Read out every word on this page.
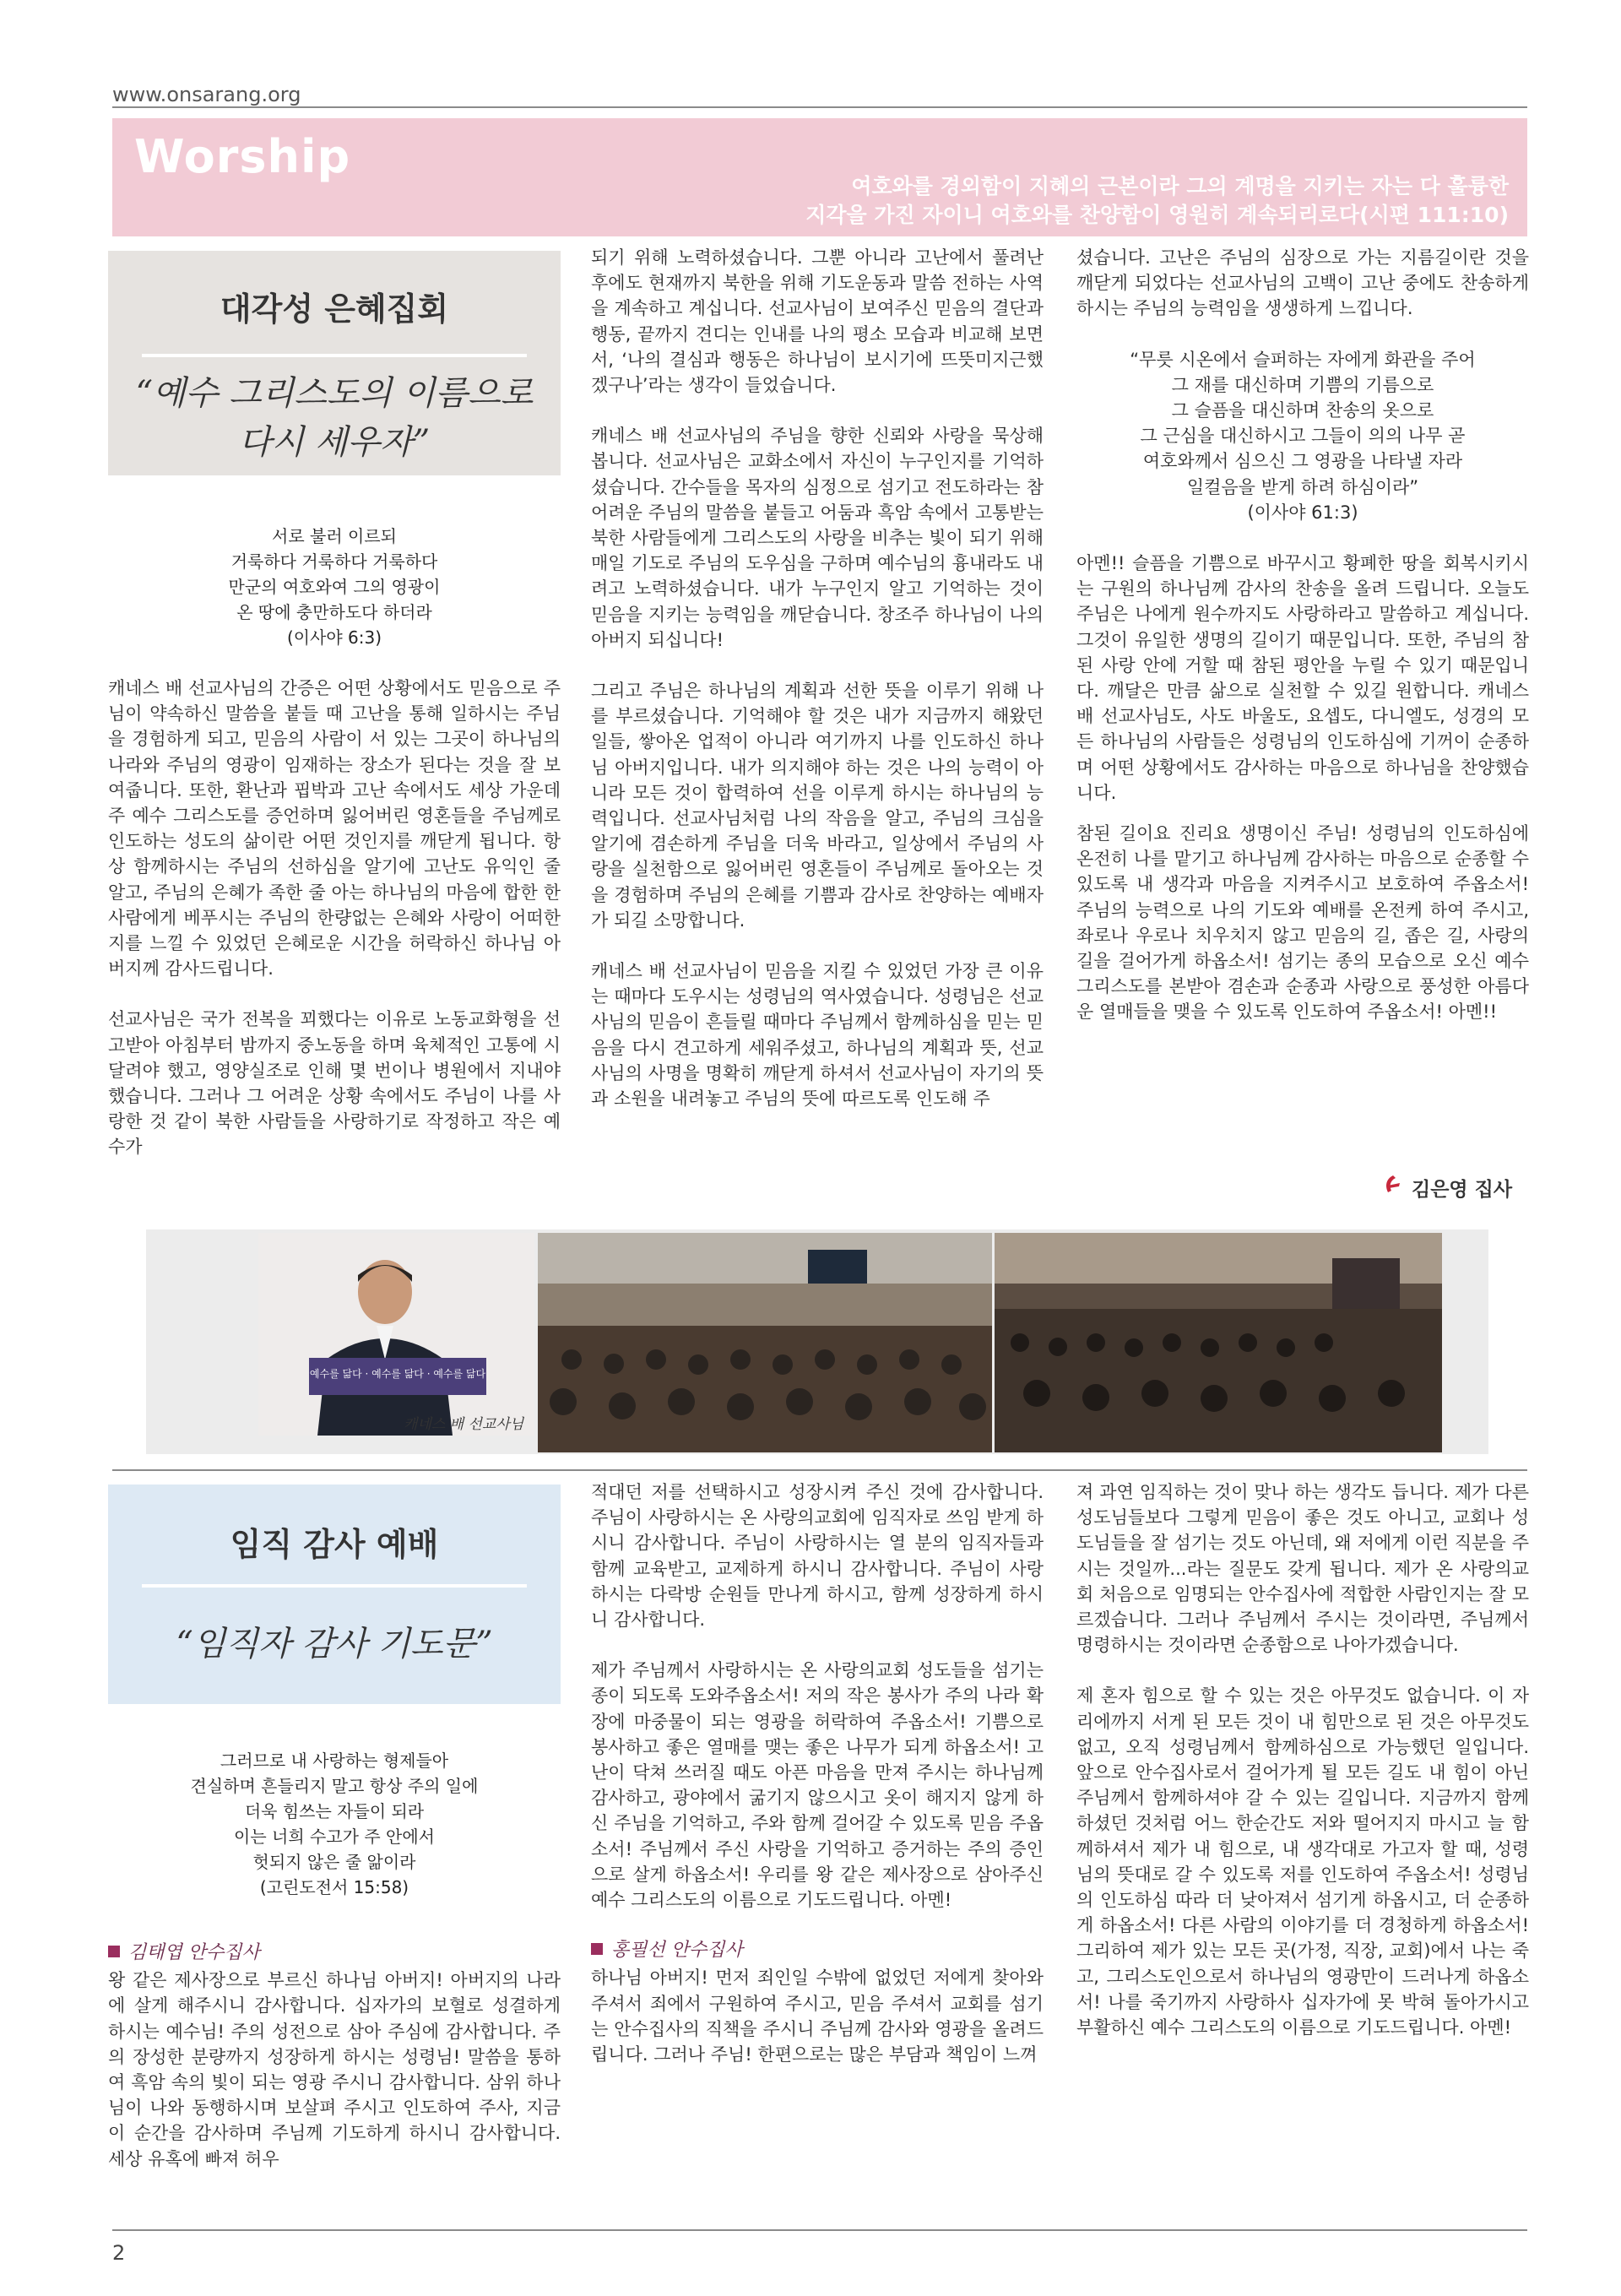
www.onsarang.org
Worship
여호와를 경외함이 지혜의 근본이라 그의 계명을 지키는 자는 다 훌륭한
지각을 가진 자이니 여호와를 찬양함이 영원히 계속되리로다(시편 111:10)
대각성 은혜집회
“예수 그리스도의 이름으로
다시 세우자”
서로 불러 이르되
거룩하다 거룩하다 거룩하다
만군의 여호와여 그의 영광이
온 땅에 충만하도다 하더라
(이사야 6:3)

캐네스 배 선교사님의 간증은 어떤 상황에서도 믿음으로 주님이 약속하신 말씀을 붙들 때 고난을 통해 일하시는 주님을 경험하게 되고, 믿음의 사람이 서 있는 그곳이 하나님의 나라와 주님의 영광이 임재하는 장소가 된다는 것을 잘 보여줍니다. 또한, 환난과 핍박과 고난 속에서도 세상 가운데 주 예수 그리스도를 증언하며 잃어버린 영혼들을 주님께로 인도하는 성도의 삶이란 어떤 것인지를 깨닫게 됩니다. 항상 함께하시는 주님의 선하심을 알기에 고난도 유익인 줄 알고, 주님의 은혜가 족한 줄 아는 하나님의 마음에 합한 한 사람에게 베푸시는 주님의 한량없는 은혜와 사랑이 어떠한지를 느낄 수 있었던 은혜로운 시간을 허락하신 하나님 아버지께 감사드립니다.

선교사님은 국가 전복을 꾀했다는 이유로 노동교화형을 선고받아 아침부터 밤까지 중노동을 하며 육체적인 고통에 시달려야 했고, 영양실조로 인해 몇 번이나 병원에서 지내야 했습니다. 그러나 그 어려운 상황 속에서도 주님이 나를 사랑한 것 같이 북한 사람들을 사랑하기로 작정하고 작은 예수가

되기 위해 노력하셨습니다. 그뿐 아니라 고난에서 풀려난 후에도 현재까지 북한을 위해 기도운동과 말씀 전하는 사역을 계속하고 계십니다. 선교사님이 보여주신 믿음의 결단과 행동, 끝까지 견디는 인내를 나의 평소 모습과 비교해 보면서, ‘나의 결심과 행동은 하나님이 보시기에 뜨뜻미지근했겠구나’라는 생각이 들었습니다.

캐네스 배 선교사님의 주님을 향한 신뢰와 사랑을 묵상해 봅니다. 선교사님은 교화소에서 자신이 누구인지를 기억하셨습니다. 간수들을 목자의 심정으로 섬기고 전도하라는 참 어려운 주님의 말씀을 붙들고 어둠과 흑암 속에서 고통받는 북한 사람들에게 그리스도의 사랑을 비추는 빛이 되기 위해 매일 기도로 주님의 도우심을 구하며 예수님의 흉내라도 내려고 노력하셨습니다. 내가 누구인지 알고 기억하는 것이 믿음을 지키는 능력임을 깨닫습니다. 창조주 하나님이 나의 아버지 되십니다!

그리고 주님은 하나님의 계획과 선한 뜻을 이루기 위해 나를 부르셨습니다. 기억해야 할 것은 내가 지금까지 해왔던 일들, 쌓아온 업적이 아니라 여기까지 나를 인도하신 하나님 아버지입니다. 내가 의지해야 하는 것은 나의 능력이 아니라 모든 것이 합력하여 선을 이루게 하시는 하나님의 능력입니다. 선교사님처럼 나의 작음을 알고, 주님의 크심을 알기에 겸손하게 주님을 더욱 바라고, 일상에서 주님의 사랑을 실천함으로 잃어버린 영혼들이 주님께로 돌아오는 것을 경험하며 주님의 은혜를 기쁨과 감사로 찬양하는 예배자가 되길 소망합니다.

캐네스 배 선교사님이 믿음을 지킬 수 있었던 가장 큰 이유는 때마다 도우시는 성령님의 역사였습니다. 성령님은 선교사님의 믿음이 흔들릴 때마다 주님께서 함께하심을 믿는 믿음을 다시 견고하게 세워주셨고, 하나님의 계획과 뜻, 선교사님의 사명을 명확히 깨닫게 하셔서 선교사님이 자기의 뜻과 소원을 내려놓고 주님의 뜻에 따르도록 인도해 주

셨습니다. 고난은 주님의 심장으로 가는 지름길이란 것을 깨닫게 되었다는 선교사님의 고백이 고난 중에도 찬송하게 하시는 주님의 능력임을 생생하게 느낍니다.

“무릇 시온에서 슬퍼하는 자에게 화관을 주어
그 재를 대신하며 기쁨의 기름으로
그 슬픔을 대신하며 찬송의 옷으로
그 근심을 대신하시고 그들이 의의 나무 곧
여호와께서 심으신 그 영광을 나타낼 자라
일컬음을 받게 하려 하심이라”
(이사야 61:3)

아멘!! 슬픔을 기쁨으로 바꾸시고 황폐한 땅을 회복시키시는 구원의 하나님께 감사의 찬송을 올려 드립니다. 오늘도 주님은 나에게 원수까지도 사랑하라고 말씀하고 계십니다. 그것이 유일한 생명의 길이기 때문입니다. 또한, 주님의 참된 사랑 안에 거할 때 참된 평안을 누릴 수 있기 때문입니다. 깨달은 만큼 삶으로 실천할 수 있길 원합니다. 캐네스 배 선교사님도, 사도 바울도, 요셉도, 다니엘도, 성경의 모든 하나님의 사람들은 성령님의 인도하심에 기꺼이 순종하며 어떤 상황에서도 감사하는 마음으로 하나님을 찬양했습니다.

참된 길이요 진리요 생명이신 주님! 성령님의 인도하심에 온전히 나를 맡기고 하나님께 감사하는 마음으로 순종할 수 있도록 내 생각과 마음을 지켜주시고 보호하여 주옵소서! 주님의 능력으로 나의 기도와 예배를 온전케 하여 주시고, 좌로나 우로나 치우치지 않고 믿음의 길, 좁은 길, 사랑의 길을 걸어가게 하옵소서! 섬기는 종의 모습으로 오신 예수 그리스도를 본받아 겸손과 순종과 사랑으로 풍성한 아름다운 열매들을 맺을 수 있도록 인도하여 주옵소서! 아멘!!

김은영 집사
예수를 닮다 · 예수를 닮다 · 예수를 닮다
캐네스 배 선교사님
임직 감사 예배
“임직자 감사 기도문”
그러므로 내 사랑하는 형제들아
견실하며 흔들리지 말고 항상 주의 일에
더욱 힘쓰는 자들이 되라
이는 너희 수고가 주 안에서
헛되지 않은 줄 앎이라
(고린도전서 15:58)
김태엽 안수집사

왕 같은 제사장으로 부르신 하나님 아버지! 아버지의 나라에 살게 해주시니 감사합니다. 십자가의 보혈로 성결하게 하시는 예수님! 주의 성전으로 삼아 주심에 감사합니다. 주의 장성한 분량까지 성장하게 하시는 성령님! 말씀을 통하여 흑암 속의 빛이 되는 영광 주시니 감사합니다. 삼위 하나님이 나와 동행하시며 보살펴 주시고 인도하여 주사, 지금 이 순간을 감사하며 주님께 기도하게 하시니 감사합니다. 세상 유혹에 빠져 허우

적대던 저를 선택하시고 성장시켜 주신 것에 감사합니다. 주님이 사랑하시는 온 사랑의교회에 임직자로 쓰임 받게 하시니 감사합니다. 주님이 사랑하시는 열 분의 임직자들과 함께 교육받고, 교제하게 하시니 감사합니다. 주님이 사랑하시는 다락방 순원들 만나게 하시고, 함께 성장하게 하시니 감사합니다.

제가 주님께서 사랑하시는 온 사랑의교회 성도들을 섬기는 종이 되도록 도와주옵소서! 저의 작은 봉사가 주의 나라 확장에 마중물이 되는 영광을 허락하여 주옵소서! 기쁨으로 봉사하고 좋은 열매를 맺는 좋은 나무가 되게 하옵소서! 고난이 닥쳐 쓰러질 때도 아픈 마음을 만져 주시는 하나님께 감사하고, 광야에서 굶기지 않으시고 옷이 해지지 않게 하신 주님을 기억하고, 주와 함께 걸어갈 수 있도록 믿음 주옵소서! 주님께서 주신 사랑을 기억하고 증거하는 주의 증인으로 살게 하옵소서! 우리를 왕 같은 제사장으로 삼아주신 예수 그리스도의 이름으로 기도드립니다. 아멘!

홍필선 안수집사

하나님 아버지! 먼저 죄인일 수밖에 없었던 저에게 찾아와 주셔서 죄에서 구원하여 주시고, 믿음 주셔서 교회를 섬기는 안수집사의 직책을 주시니 주님께 감사와 영광을 올려드립니다. 그러나 주님! 한편으로는 많은 부담과 책임이 느껴

져 과연 임직하는 것이 맞나 하는 생각도 듭니다. 제가 다른 성도님들보다 그렇게 믿음이 좋은 것도 아니고, 교회나 성도님들을 잘 섬기는 것도 아닌데, 왜 저에게 이런 직분을 주시는 것일까...라는 질문도 갖게 됩니다. 제가 온 사랑의교회 처음으로 임명되는 안수집사에 적합한 사람인지는 잘 모르겠습니다. 그러나 주님께서 주시는 것이라면, 주님께서 명령하시는 것이라면 순종함으로 나아가겠습니다.

제 혼자 힘으로 할 수 있는 것은 아무것도 없습니다. 이 자리에까지 서게 된 모든 것이 내 힘만으로 된 것은 아무것도 없고, 오직 성령님께서 함께하심으로 가능했던 일입니다. 앞으로 안수집사로서 걸어가게 될 모든 길도 내 힘이 아닌 주님께서 함께하셔야 갈 수 있는 길입니다. 지금까지 함께 하셨던 것처럼 어느 한순간도 저와 떨어지지 마시고 늘 함께하셔서 제가 내 힘으로, 내 생각대로 가고자 할 때, 성령님의 뜻대로 갈 수 있도록 저를 인도하여 주옵소서! 성령님의 인도하심 따라 더 낮아져서 섬기게 하옵시고, 더 순종하게 하옵소서! 다른 사람의 이야기를 더 경청하게 하옵소서! 그리하여 제가 있는 모든 곳(가정, 직장, 교회)에서 나는 죽고, 그리스도인으로서 하나님의 영광만이 드러나게 하옵소서! 나를 죽기까지 사랑하사 십자가에 못 박혀 돌아가시고 부활하신 예수 그리스도의 이름으로 기도드립니다. 아멘!

2
